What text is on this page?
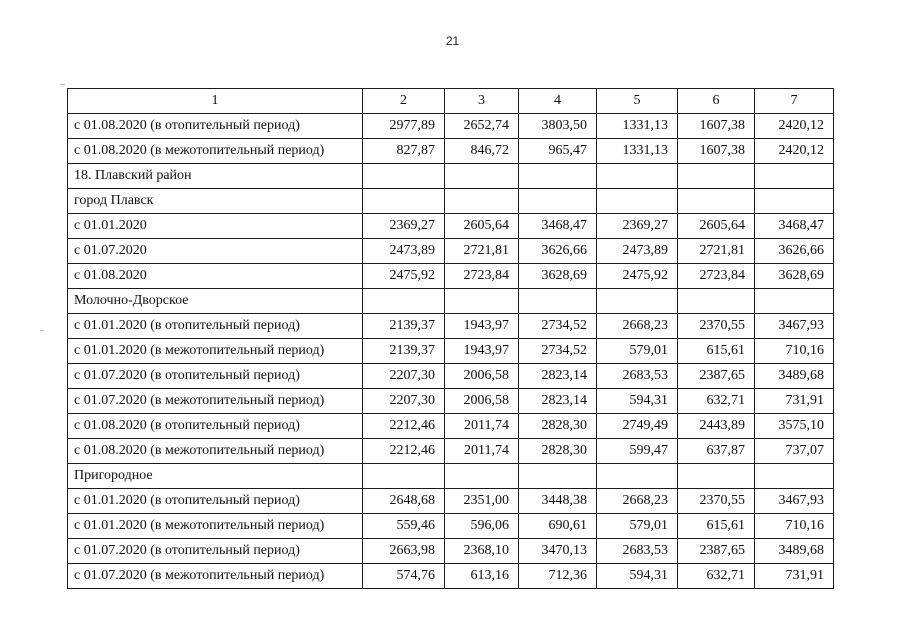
21
1	2	3	4	5	6	7
с 01.08.2020 (в отопительный период)	2977,89	2652,74	3803,50	1331,13	1607,38	2420,12
с 01.08.2020 (в межотопительный период)	827,87	846,72	965,47	1331,13	1607,38	2420,12
18. Плавский район						
город Плавск						
с 01.01.2020	2369,27	2605,64	3468,47	2369,27	2605,64	3468,47
с 01.07.2020	2473,89	2721,81	3626,66	2473,89	2721,81	3626,66
с 01.08.2020	2475,92	2723,84	3628,69	2475,92	2723,84	3628,69
Молочно-Дворское						
с 01.01.2020 (в отопительный период)	2139,37	1943,97	2734,52	2668,23	2370,55	3467,93
с 01.01.2020 (в межотопительный период)	2139,37	1943,97	2734,52	579,01	615,61	710,16
с 01.07.2020 (в отопительный период)	2207,30	2006,58	2823,14	2683,53	2387,65	3489,68
с 01.07.2020 (в межотопительный период)	2207,30	2006,58	2823,14	594,31	632,71	731,91
с 01.08.2020 (в отопительный период)	2212,46	2011,74	2828,30	2749,49	2443,89	3575,10
с 01.08.2020 (в межотопительный период)	2212,46	2011,74	2828,30	599,47	637,87	737,07
Пригородное						
с 01.01.2020 (в отопительный период)	2648,68	2351,00	3448,38	2668,23	2370,55	3467,93
с 01.01.2020 (в межотопительный период)	559,46	596,06	690,61	579,01	615,61	710,16
с 01.07.2020 (в отопительный период)	2663,98	2368,10	3470,13	2683,53	2387,65	3489,68
с 01.07.2020 (в межотопительный период)	574,76	613,16	712,36	594,31	632,71	731,91
